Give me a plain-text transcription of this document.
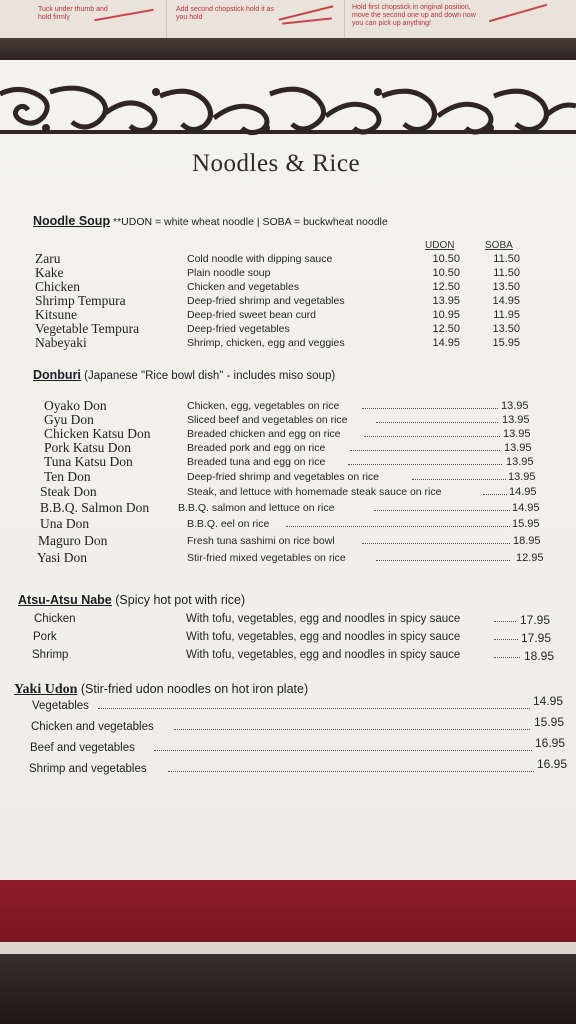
Tuck under thumb and hold firmly
Add second chopstick hold it as you hold
Hold first chopstick in original position, move the second one up and down now you can pick up anything!
Noodles & Rice
Noodle Soup **UDON = white wheat noodle | SOBA = buckwheat noodle
UDON	SOBA
Zaru	Cold noodle with dipping sauce	10.50	11.50
Kake	Plain noodle soup	10.50	11.50
Chicken	Chicken and vegetables	12.50	13.50
Shrimp Tempura	Deep-fried shrimp and vegetables	13.95	14.95
Kitsune	Deep-fried sweet bean curd	10.95	11.95
Vegetable Tempura	Deep-fried vegetables	12.50	13.50
Nabeyaki	Shrimp, chicken, egg and veggies	14.95	15.95
Donburi (Japanese "Rice bowl dish" - includes miso soup)
Oyako Don	Chicken, egg, vegetables on rice	13.95
Gyu Don	Sliced beef and vegetables on rice	13.95
Chicken Katsu Don	Breaded chicken and egg on rice	13.95
Pork Katsu Don	Breaded pork and egg on rice	13.95
Tuna Katsu Don	Breaded tuna and egg on rice	13.95
Ten Don	Deep-fried shrimp and vegetables on rice	13.95
Steak Don	Steak, and lettuce with homemade steak sauce on rice	14.95
B.B.Q. Salmon Don	B.B.Q. salmon and lettuce on rice	14.95
Una Don	B.B.Q. eel on rice	15.95
Maguro Don	Fresh tuna sashimi on rice bowl	18.95
Yasi Don	Stir-fried mixed vegetables on rice	12.95
Atsu-Atsu Nabe (Spicy hot pot with rice)
Chicken	With tofu, vegetables, egg and noodles in spicy sauce	17.95
Pork	With tofu, vegetables, egg and noodles in spicy sauce	17.95
Shrimp	With tofu, vegetables, egg and noodles in spicy sauce	18.95
Yaki Udon (Stir-fried udon noodles on hot iron plate)
Vegetables	14.95
Chicken and vegetables	15.95
Beef and vegetables	16.95
Shrimp and vegetables	16.95
